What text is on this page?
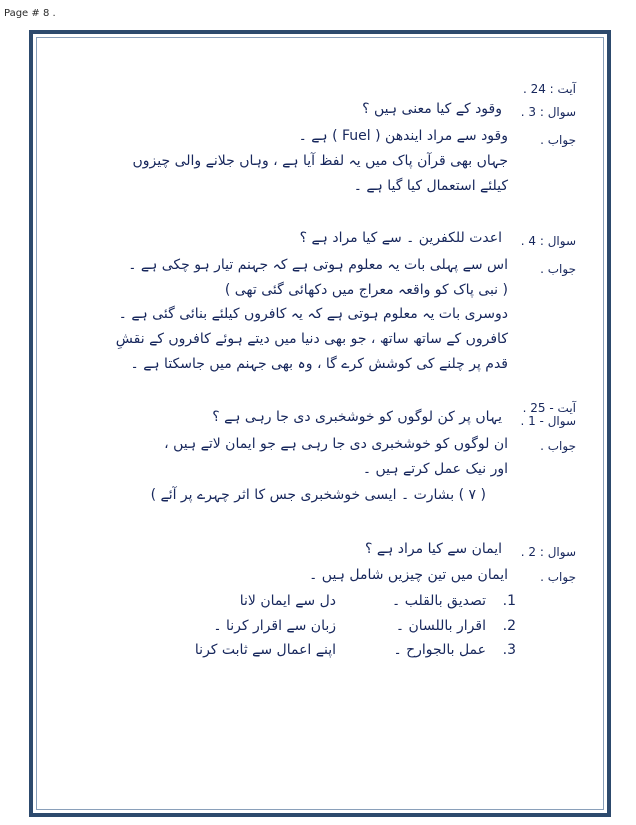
Page # 8 .
آیت : 24 .
سوال : 3 .
وقود کے کیا معنی ہیں ؟
جواب .
وقود سے مراد ایندھن ( Fuel ) ہے ۔
جہاں بھی قرآن پاک میں یہ لفظ آیا ہے ، وہاں جلانے والی چیزوں
کیلئے استعمال کیا گیا ہے ۔
سوال : 4 .
اعدت للکفرین ۔ سے کیا مراد ہے ؟
جواب .
اس سے پہلی بات یہ معلوم ہوتی ہے کہ جہنم تیار ہو چکی ہے ۔
( نبی پاک کو واقعہ معراج میں دکھائی گئی تھی )
دوسری بات یہ معلوم ہوتی ہے کہ یہ کافروں کیلئے بنائی گئی ہے ۔
کافروں کے ساتھ ساتھ ، جو بھی دنیا میں دیتے ہوئے کافروں کے نقشِ
قدم پر چلنے کی کوشش کرے گا ، وہ بھی جہنم میں جاسکتا ہے ۔
آیت - 25 .
سوال - 1 .
یہاں پر کن لوگوں کو خوشخبری دی جا رہی ہے ؟
جواب .
ان لوگوں کو خوشخبری دی جا رہی ہے جو ایمان لاتے ہیں ،
اور نیک عمل کرتے ہیں ۔
( ۷ ) بشارت ۔ ایسی خوشخبری جس کا اثر چہرے پر آئے )
سوال : 2 .
ایمان سے کیا مراد ہے ؟
جواب .
ایمان میں تین چیزیں شامل ہیں ۔
1.
تصدیق بالقلب ۔
دل سے ایمان لانا
2.
اقرار باللسان ۔
زبان سے اقرار کرنا ۔
3.
عمل بالجوارح ۔
اپنے اعمال سے ثابت کرنا
